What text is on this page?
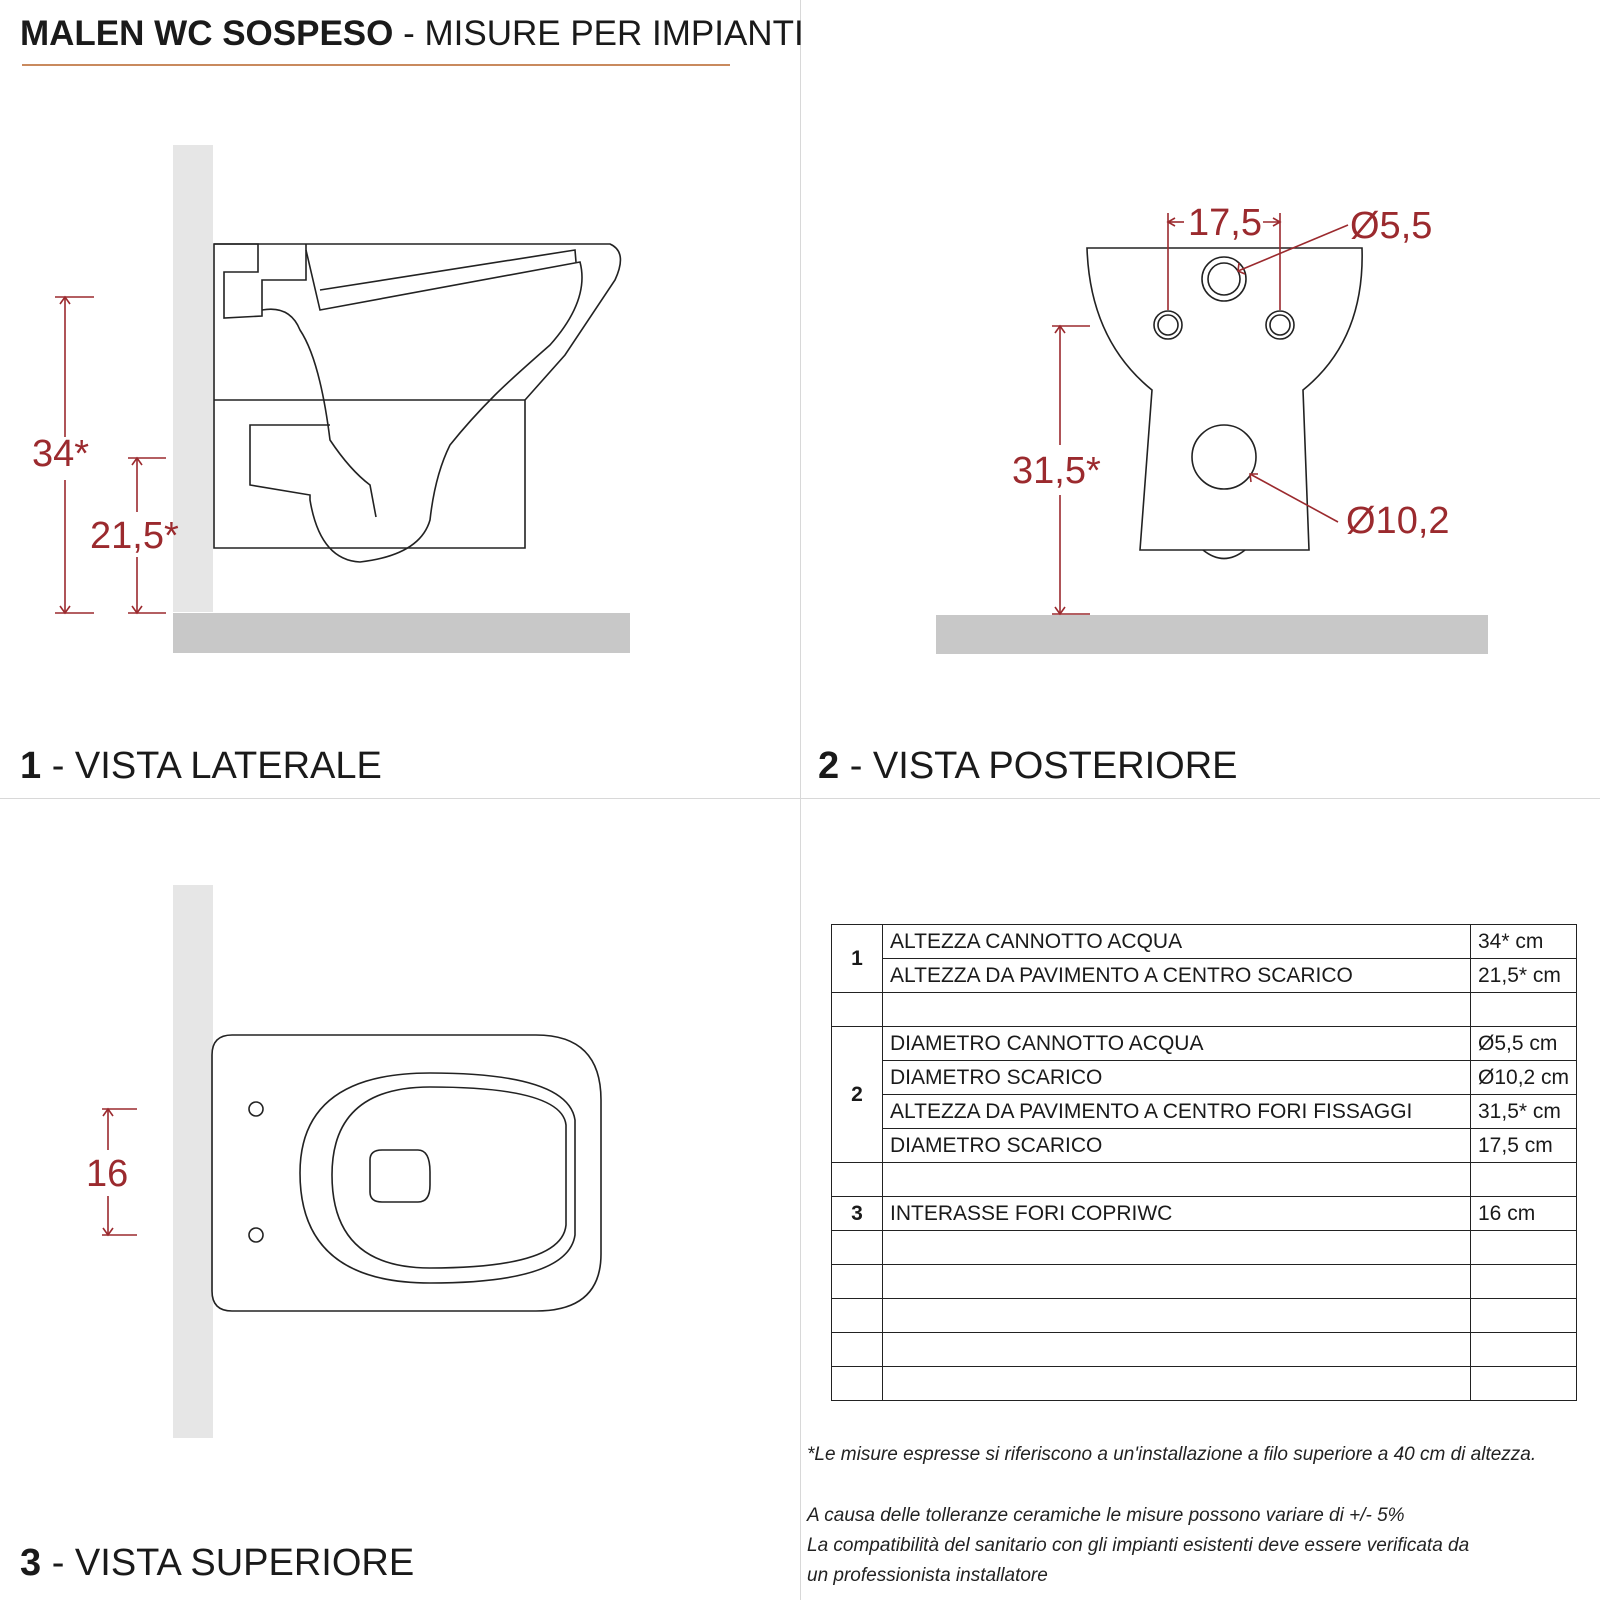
MALEN WC SOSPESO - MISURE PER IMPIANTI
34*
21,5*
17,5 Ø5,5
31,5*
Ø10,2
16
1 - VISTA LATERALE	2 - VISTA POSTERIORE
3 - VISTA SUPERIORE
1	ALTEZZA CANNOTTO ACQUA	34* cm
	ALTEZZA DA PAVIMENTO A CENTRO SCARICO	21,5* cm

2	DIAMETRO CANNOTTO ACQUA	Ø5,5 cm
	DIAMETRO SCARICO	Ø10,2 cm
	ALTEZZA DA PAVIMENTO A CENTRO FORI FISSAGGI	31,5* cm
	DIAMETRO SCARICO	17,5 cm

3	INTERASSE FORI COPRIWC	16 cm

*Le misure espresse si riferiscono a un'installazione a filo superiore a 40 cm di altezza.
A causa delle tolleranze ceramiche le misure possono variare di +/- 5%
La compatibilità del sanitario con gli impianti esistenti deve essere verificata da
un professionista installatore
